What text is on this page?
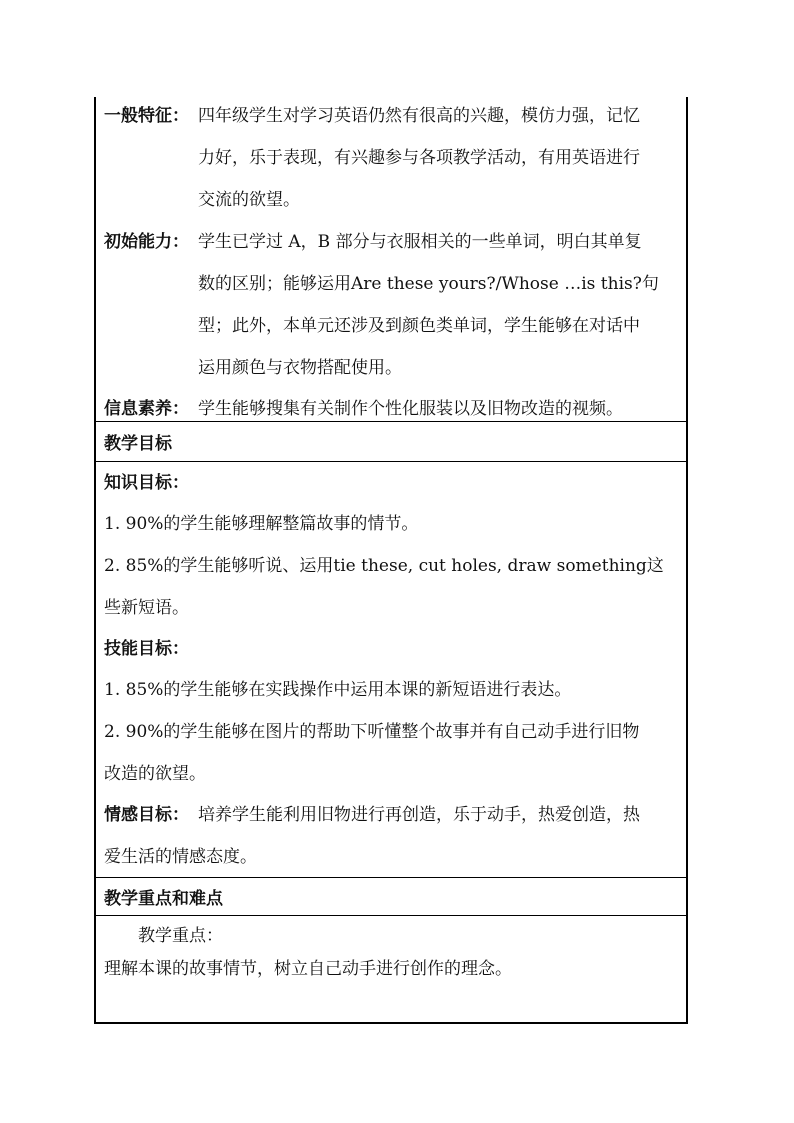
一般特征： 四年级学生对学习英语仍然有很高的兴趣，模仿力强，记忆
力好，乐于表现，有兴趣参与各项教学活动，有用英语进行
交流的欲望。
初始能力： 学生已学过 A，B 部分与衣服相关的一些单词，明白其单复
数的区别；能够运用Are these yours?/Whose …is this?句
型；此外，本单元还涉及到颜色类单词，学生能够在对话中
运用颜色与衣物搭配使用。
信息素养： 学生能够搜集有关制作个性化服装以及旧物改造的视频。
教学目标
知识目标：
1. 90%的学生能够理解整篇故事的情节。
2. 85%的学生能够听说、运用tie these, cut holes, draw something这
些新短语。
技能目标：
1. 85%的学生能够在实践操作中运用本课的新短语进行表达。
2. 90%的学生能够在图片的帮助下听懂整个故事并有自己动手进行旧物
改造的欲望。
情感目标： 培养学生能利用旧物进行再创造，乐于动手，热爱创造，热
爱生活的情感态度。
教学重点和难点
教学重点：
理解本课的故事情节，树立自己动手进行创作的理念。
